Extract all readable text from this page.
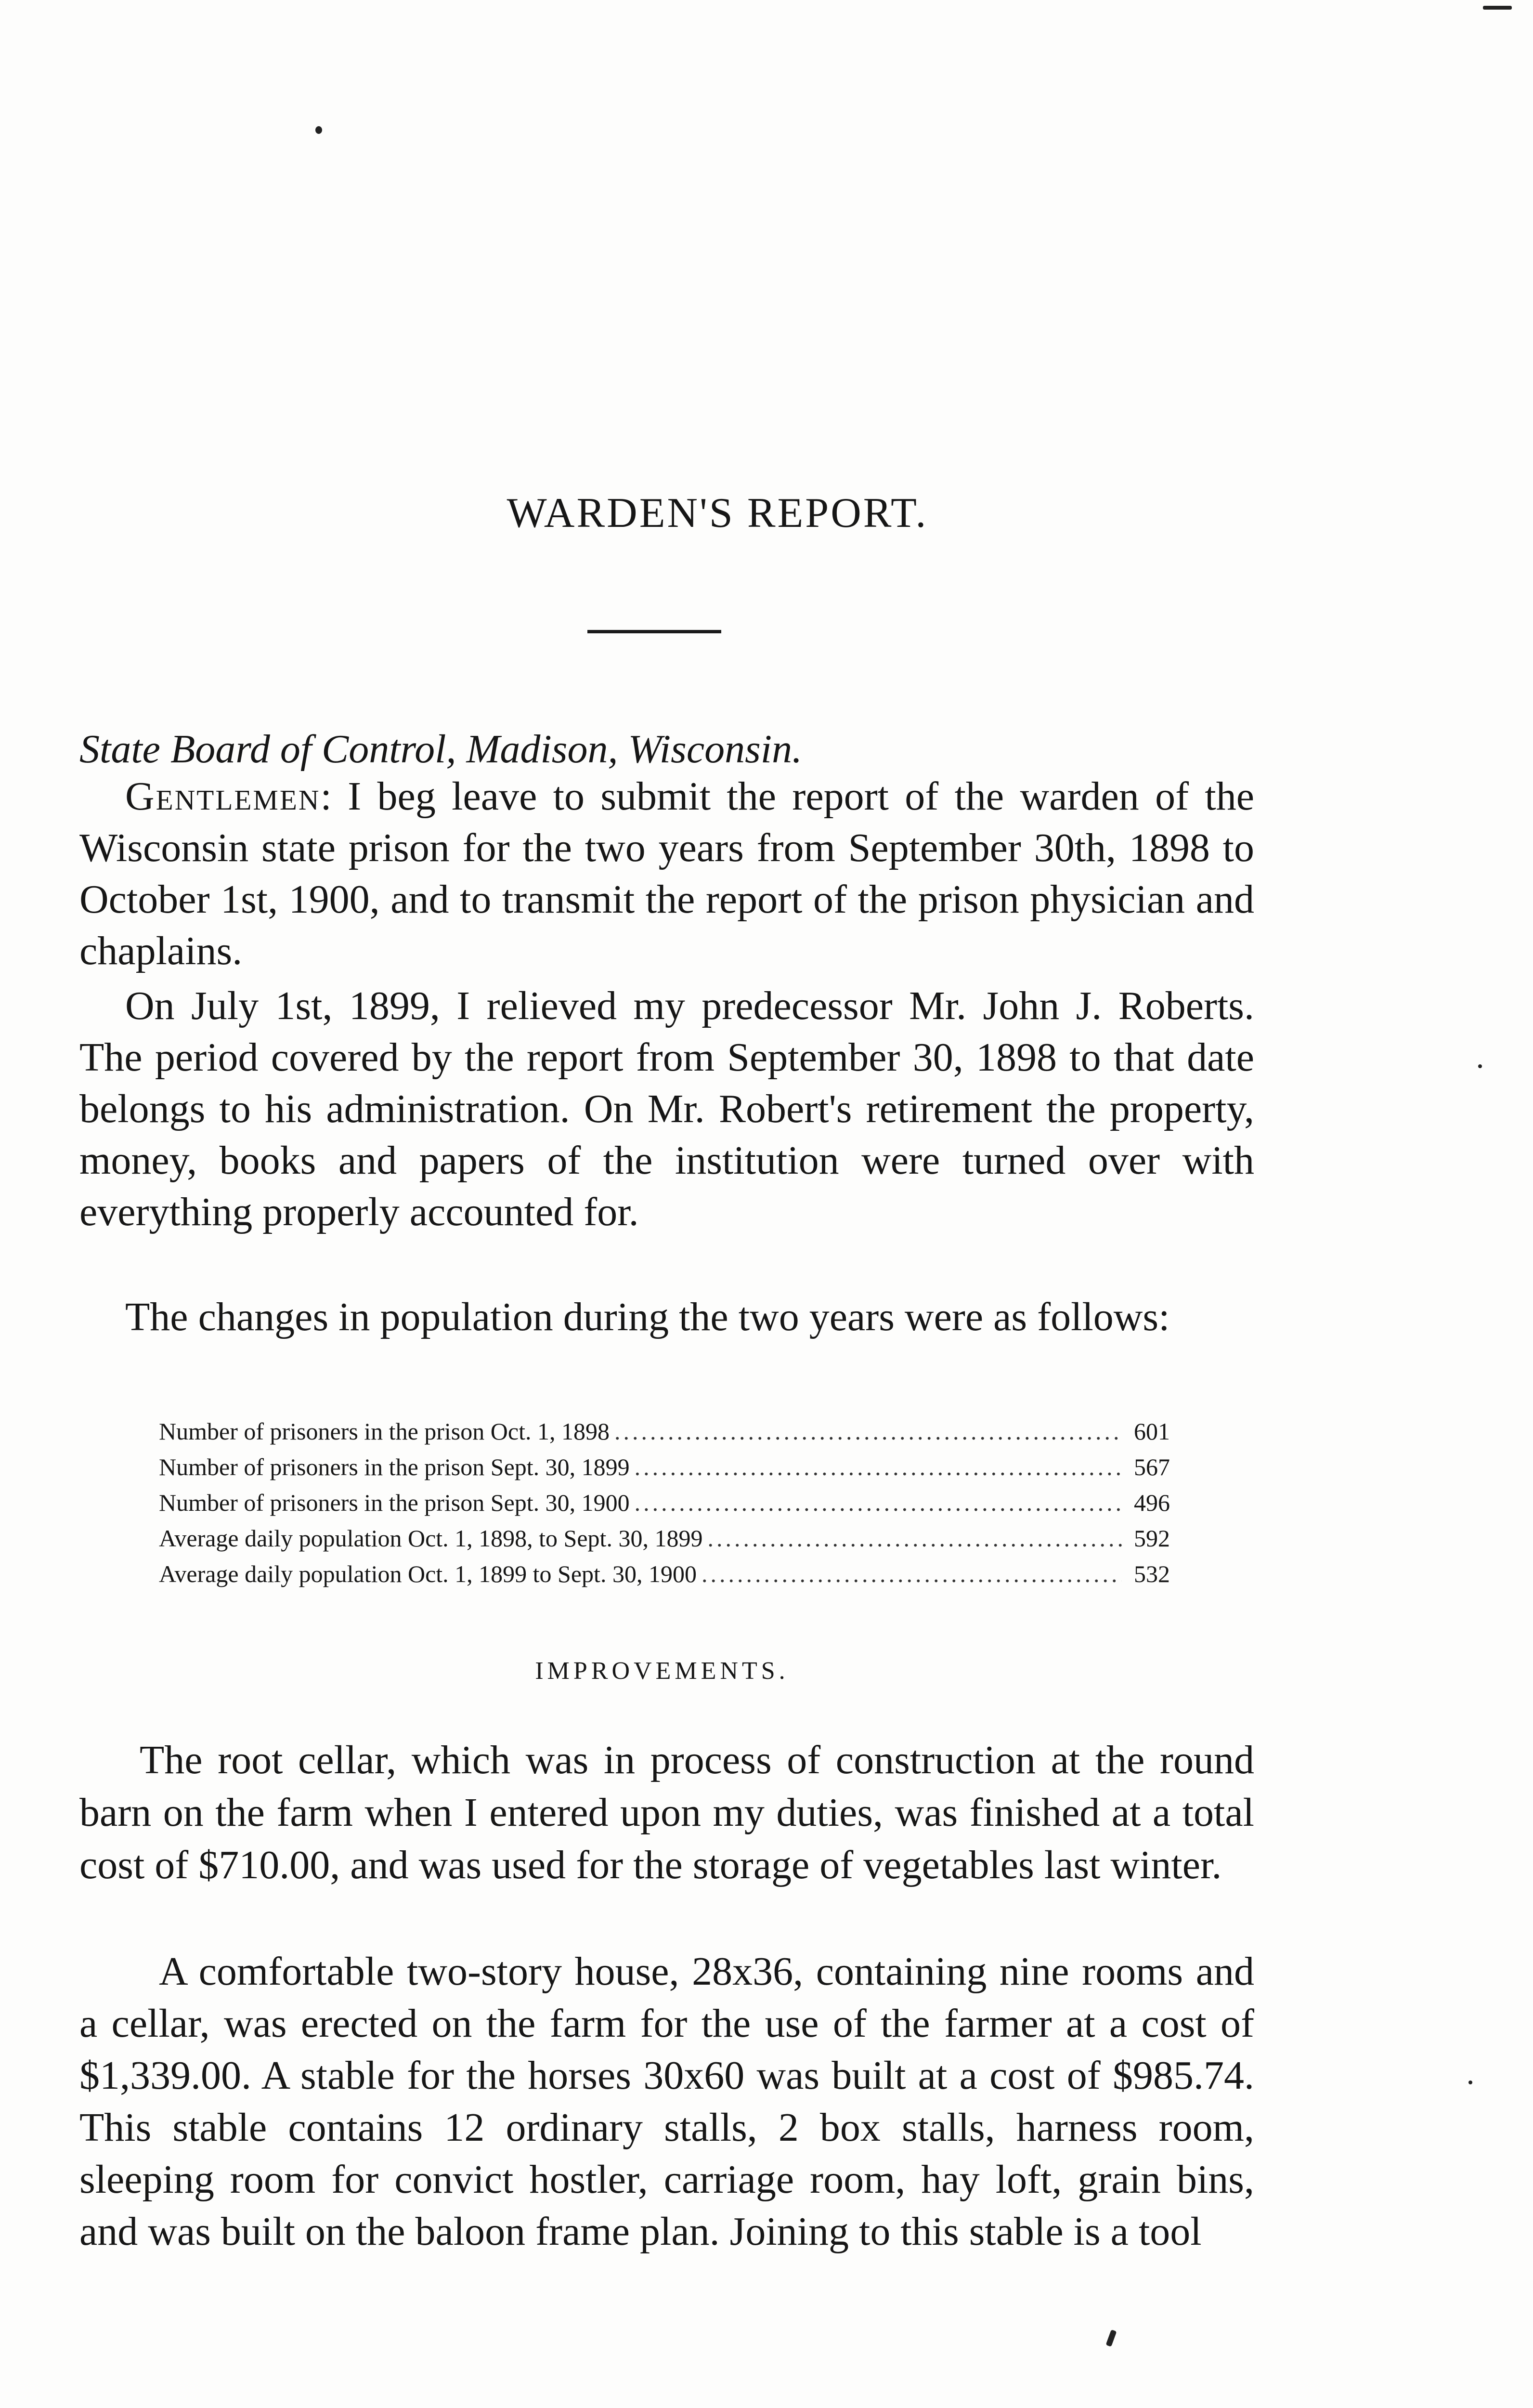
WARDEN'S REPORT.
State Board of Control, Madison, Wisconsin.
Gentlemen: I beg leave to submit the report of the warden of the Wisconsin state prison for the two years from September 30th, 1898 to October 1st, 1900, and to transmit the report of the prison physician and chaplains.
On July 1st, 1899, I relieved my predecessor Mr. John J. Roberts. The period covered by the report from September 30, 1898 to that date belongs to his administration. On Mr. Robert's retirement the property, money, books and papers of the institution were turned over with everything properly accounted for.
The changes in population during the two years were as follows:
Number of prisoners in the prison Oct. 1, 1898 .....	601
Number of prisoners in the prison Sept. 30, 1899 .....	567
Number of prisoners in the prison Sept. 30, 1900 .....	496
Average daily population Oct. 1, 1898, to Sept. 30, 1899 .....	592
Average daily population Oct. 1, 1899 to Sept. 30, 1900 .....	532
IMPROVEMENTS.
The root cellar, which was in process of construction at the round barn on the farm when I entered upon my duties, was finished at a total cost of $710.00, and was used for the storage of vegetables last winter.
A comfortable two-story house, 28x36, containing nine rooms and a cellar, was erected on the farm for the use of the farmer at a cost of $1,339.00. A stable for the horses 30x60 was built at a cost of $985.74. This stable contains 12 ordinary stalls, 2 box stalls, harness room, sleeping room for convict hostler, carriage room, hay loft, grain bins, and was built on the baloon frame plan. Joining to this stable is a tool
